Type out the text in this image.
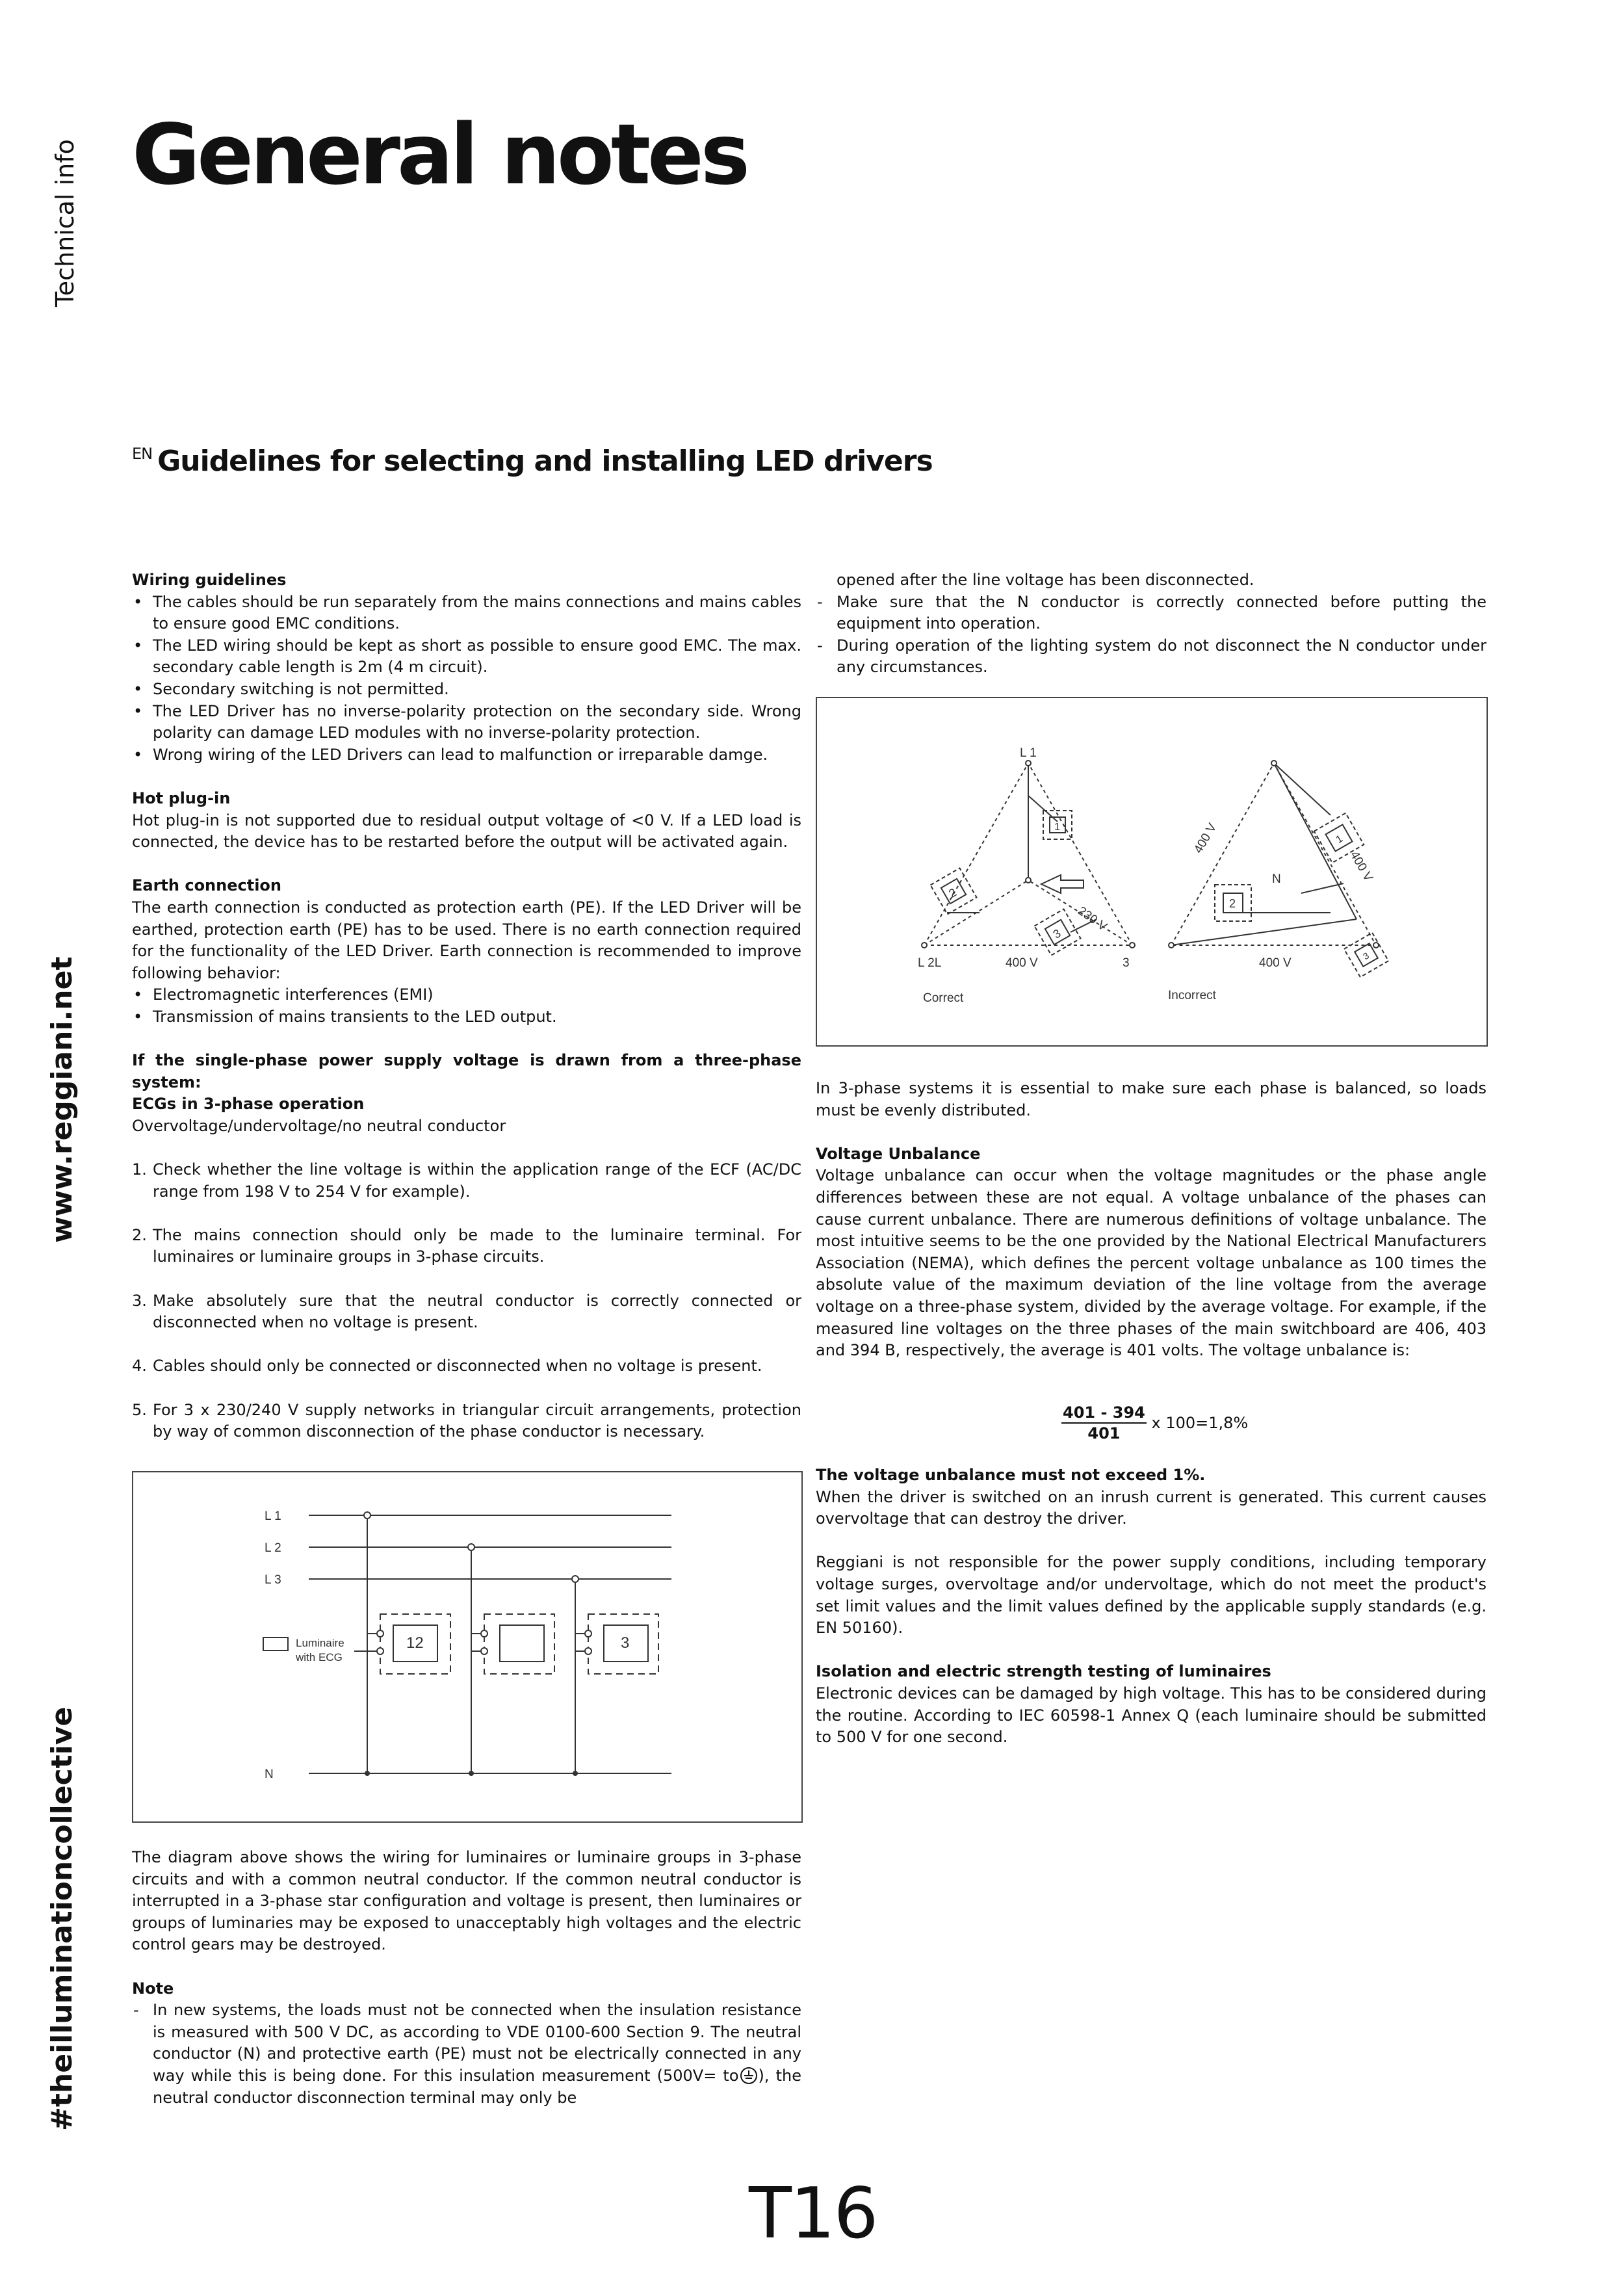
Technical info
www.reggiani.net
#theilluminationcollective
General notes
$^{EN}$ Guidelines for selecting and installing LED drivers

Wiring guidelines

• The cables should be run separately from the mains connections and mains cables to ensure good EMC conditions.
• The LED wiring should be kept as short as possible to ensure good EMC. The max. secondary cable length is 2m (4 m circuit).
• Secondary switching is not permitted.
• The LED Driver has no inverse-polarity protection on the secondary side. Wrong polarity can damage LED modules with no inverse-polarity protection.
• Wrong wiring of the LED Drivers can lead to malfunction or irreparable damge.

Hot plug-in

Hot plug-in is not supported due to residual output voltage of <0 V. If a LED load is connected, the device has to be restarted before the output will be activated again.

Earth connection

The earth connection is conducted as protection earth (PE). If the LED Driver will be earthed, protection earth (PE) has to be used. There is no earth connection required for the functionality of the LED Driver. Earth connection is recommended to improve following behavior:

• Electromagnetic interferences (EMI)
• Transmission of mains transients to the LED output.

If the single-phase power supply voltage is drawn from a three-phase system:

ECGs in 3-phase operation

Overvoltage/undervoltage/no neutral conductor

1. Check whether the line voltage is within the application range of the ECF (AC/DC range from 198 V to 254 V for example).
2. The mains connection should only be made to the luminaire terminal. For luminaires or luminaire groups in 3-phase circuits.
3. Make absolutely sure that the neutral conductor is correctly connected or disconnected when no voltage is present.
4. Cables should only be connected or disconnected when no voltage is present.
5. For 3 x 230/240 V supply networks in triangular circuit arrangements, protection by way of common disconnection of the phase conductor is necessary.
L 1
L 2
L 3
N
Luminaire
with ECG
12	3

The diagram above shows the wiring for luminaires or luminaire groups in 3-phase circuits and with a common neutral conductor. If the common neutral conductor is interrupted in a 3-phase star configuration and voltage is present, then luminaires or groups of luminaries may be exposed to unacceptably high voltages and the electric control gears may be destroyed.

Note

- In new systems, the loads must not be connected when the insulation resistance is measured with 500 V DC, as according to VDE 0100-600 Section 9. The neutral conductor (N) and protective earth (PE) must not be electrically connected in any way while this is being done. For this insulation measurement (500V= to ), the neutral conductor disconnection terminal may only be

opened after the line voltage has been disconnected.

- Make sure that the N conductor is correctly connected before putting the equipment into operation.
- During operation of the lighting system do not disconnect the N conductor under any circumstances.
L 1
L 2L	3
400 V
230 V
1
2
3
Correct
400 V
400 V
400 V
N
1
2
3
Incorrect

In 3-phase systems it is essential to make sure each phase is balanced, so loads must be evenly distributed.

Voltage Unbalance

Voltage unbalance can occur when the voltage magnitudes or the phase angle differences between these are not equal. A voltage unbalance of the phases can cause current unbalance. There are numerous definitions of voltage unbalance. The most intuitive seems to be the one provided by the National Electrical Manufacturers Association (NEMA), which defines the percent voltage unbalance as 100 times the absolute value of the maximum deviation of the line voltage from the average voltage on a three-phase system, divided by the average voltage. For example, if the measured line voltages on the three phases of the main switchboard are 406, 403 and 394 B, respectively, the average is 401 volts. The voltage unbalance is:

$\frac{401 - 394}{401}$ x 100=1,8%

The voltage unbalance must not exceed 1%.

When the driver is switched on an inrush current is generated. This current causes overvoltage that can destroy the driver.

Reggiani is not responsible for the power supply conditions, including temporary voltage surges, overvoltage and/or undervoltage, which do not meet the product's set limit values and the limit values defined by the applicable supply standards (e.g. EN 50160).

Isolation and electric strength testing of luminaires

Electronic devices can be damaged by high voltage. This has to be considered during the routine. According to IEC 60598-1 Annex Q (each luminaire should be submitted to 500 V for one second.

T16
